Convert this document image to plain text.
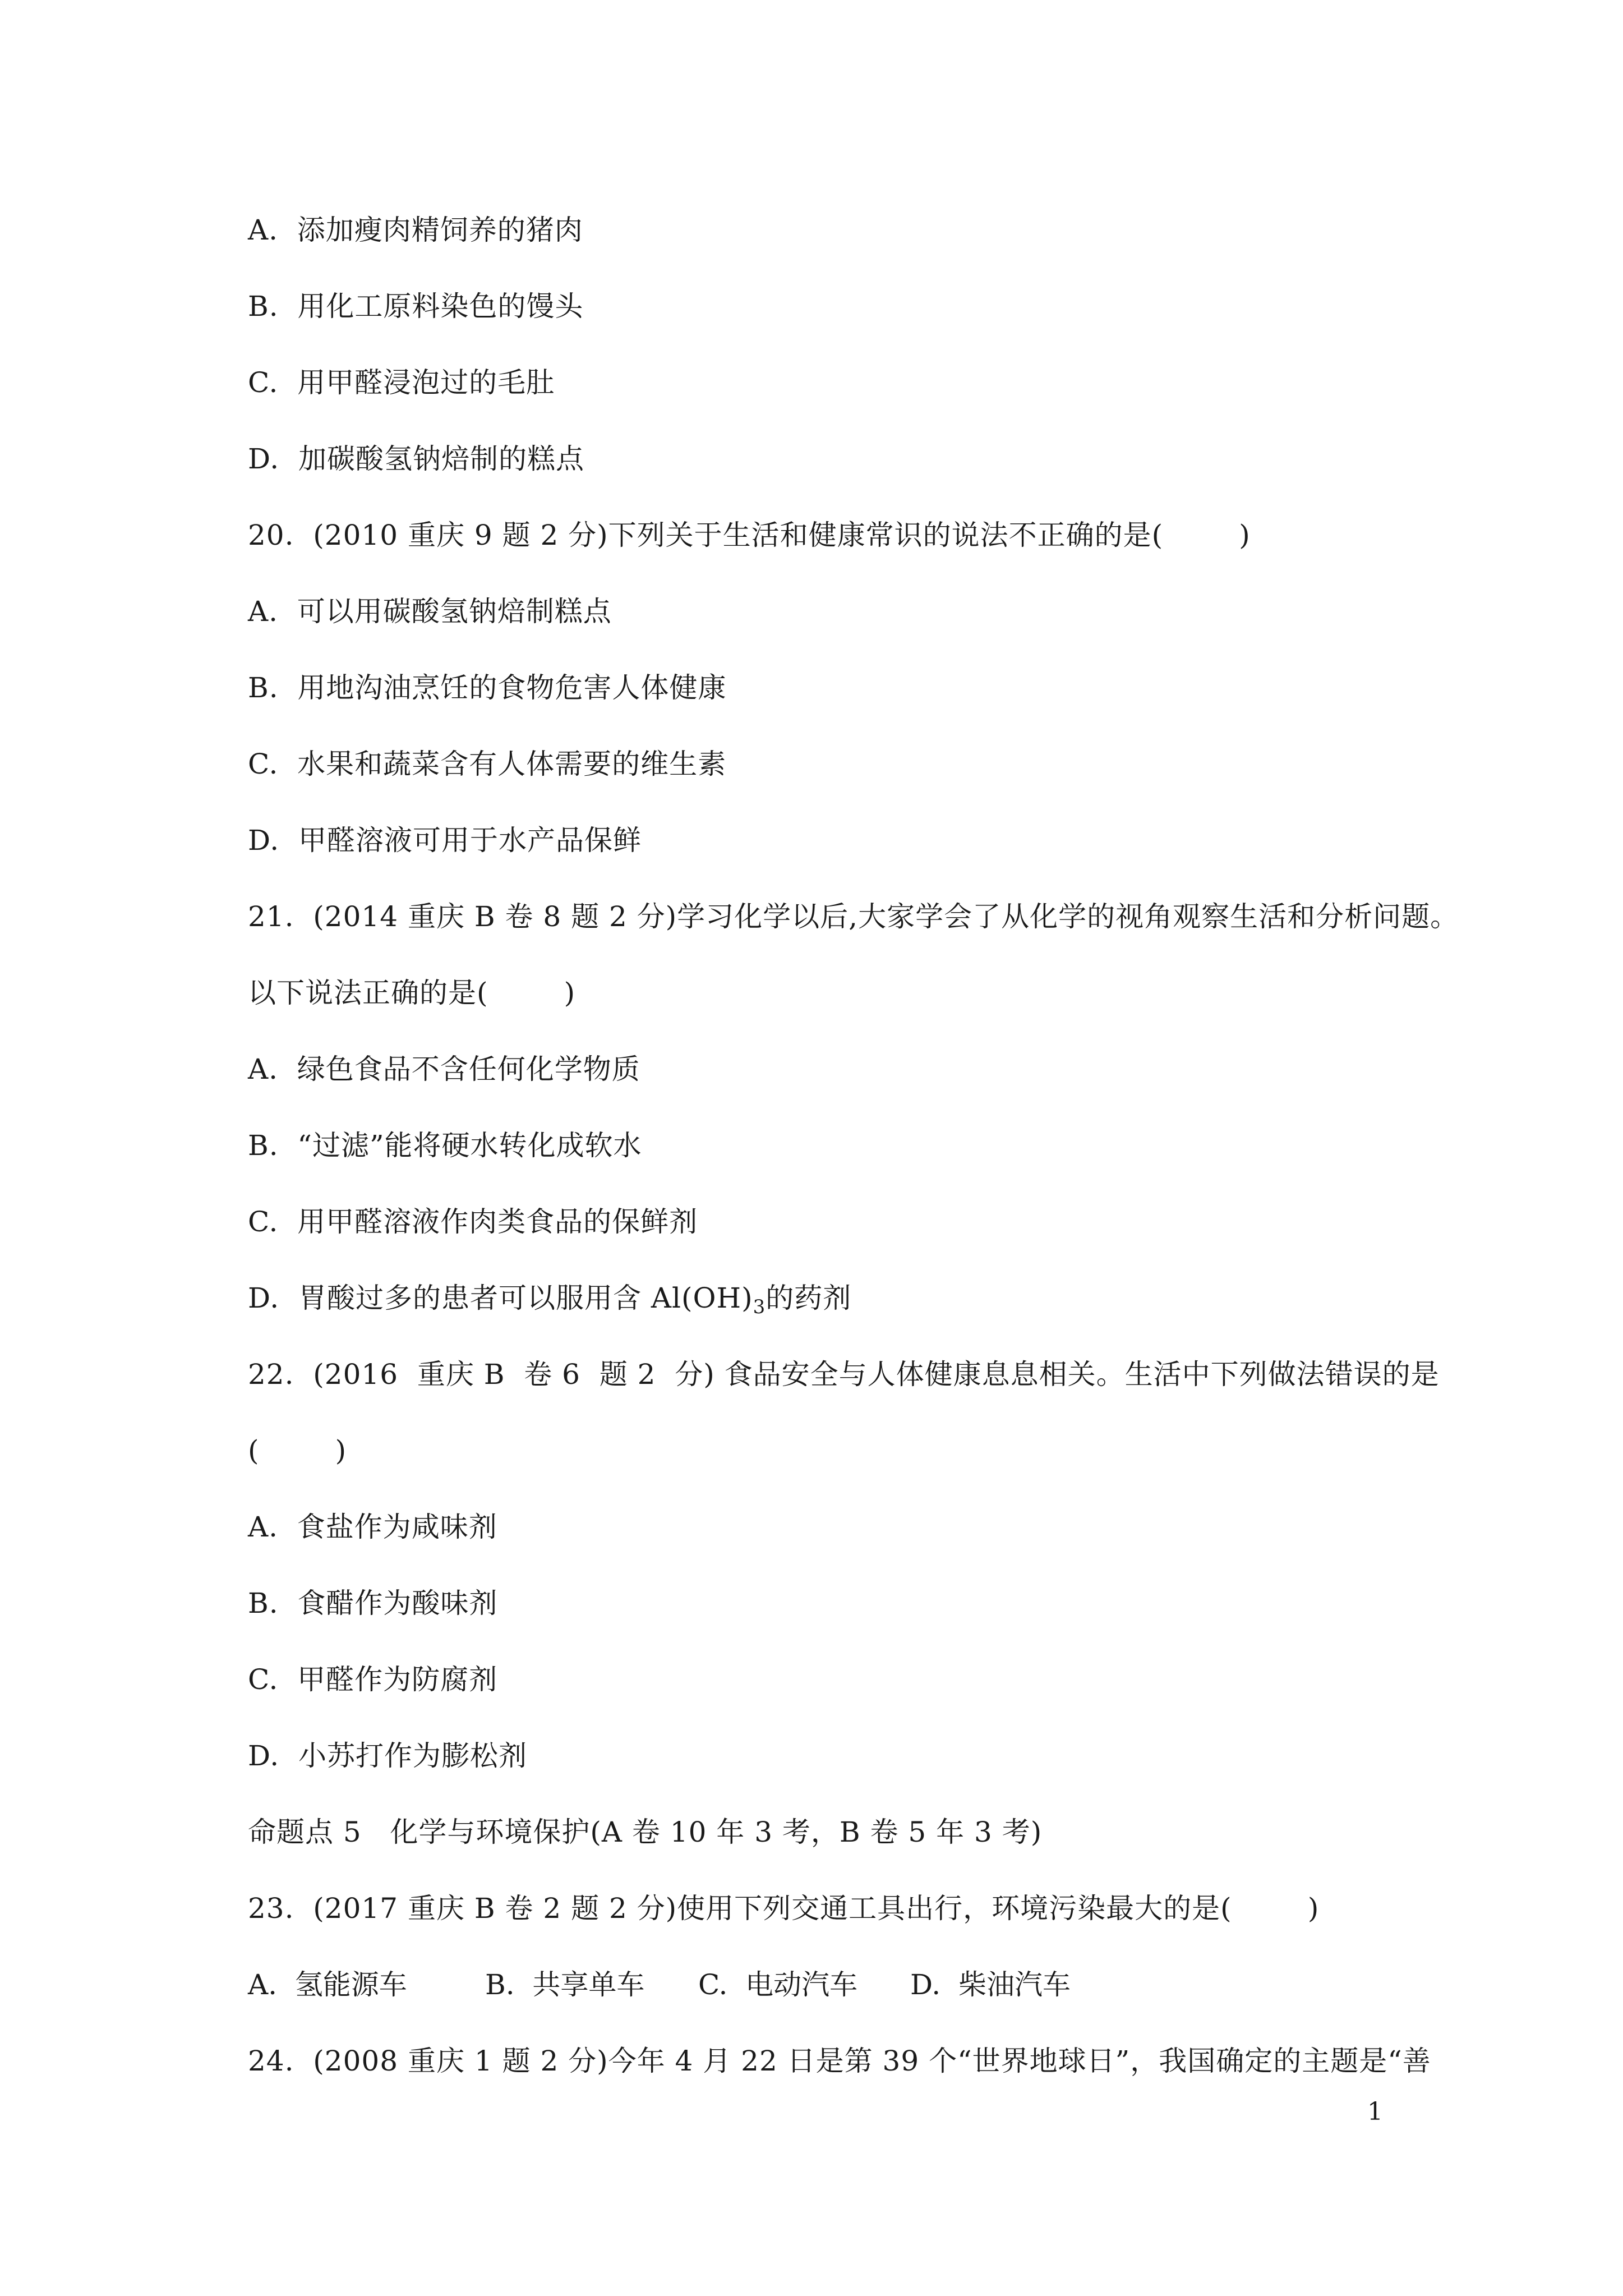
A.  添加瘦肉精饲养的猪肉
B.  用化工原料染色的馒头
C.  用甲醛浸泡过的毛肚
D.  加碳酸氢钠焙制的糕点
20.  (2010 重庆 9 题 2 分)下列关于生活和健康常识的说法不正确的是(        )
A.  可以用碳酸氢钠焙制糕点
B.  用地沟油烹饪的食物危害人体健康
C.  水果和蔬菜含有人体需要的维生素
D.  甲醛溶液可用于水产品保鲜
21.  (2014 重庆 B 卷 8 题 2 分)学习化学以后,大家学会了从化学的视角观察生活和分析问题。
以下说法正确的是(        )
A.  绿色食品不含任何化学物质
B.  “过滤”能将硬水转化成软水
C.  用甲醛溶液作肉类食品的保鲜剂
D.  胃酸过多的患者可以服用含 $Al(OH)_3$的药剂
22.  (2016  重庆 B  卷 6  题 2  分) 食品安全与人体健康息息相关。生活中下列做法错误的是
(        )
A.  食盐作为咸味剂
B.  食醋作为酸味剂
C.  甲醛作为防腐剂
D.  小苏打作为膨松剂
命题点 5   化学与环境保护(A 卷 10 年 3 考，B 卷 5 年 3 考)
23.  (2017 重庆 B 卷 2 题 2 分)使用下列交通工具出行，环境污染最大的是(        )
A.  氢能源车	B.  共享单车	C.  电动汽车	D.  柴油汽车
24.  (2008 重庆 1 题 2 分)今年 4 月 22 日是第 39 个“世界地球日”，我国确定的主题是“善
1
